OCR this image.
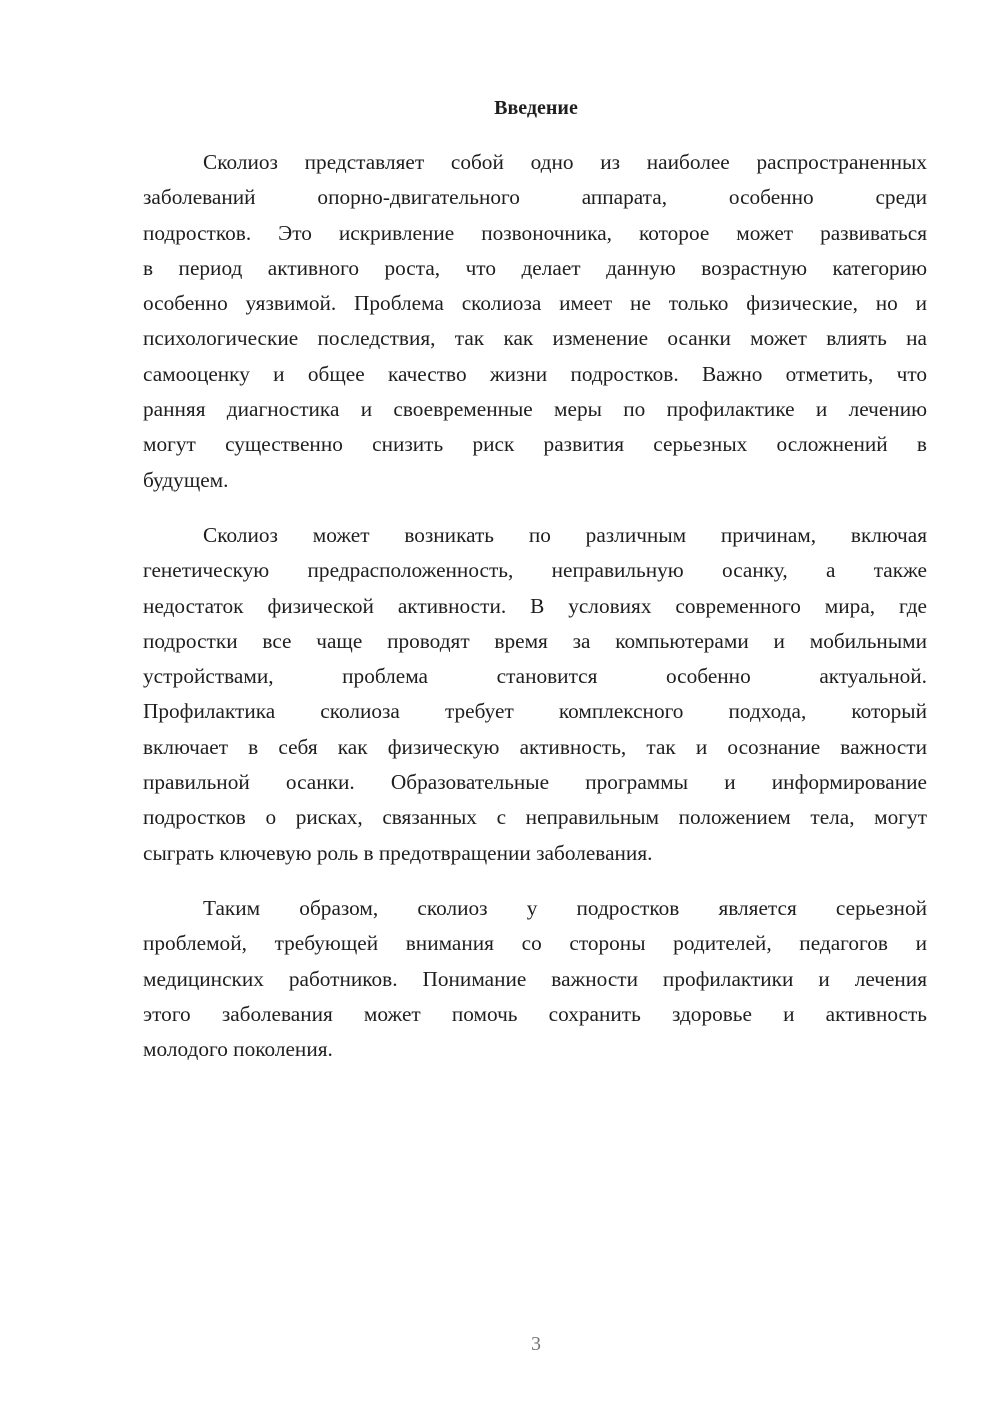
Введение
Сколиоз представляет собой одно из наиболее распространенных
заболеваний опорно-двигательного аппарата, особенно среди
подростков. Это искривление позвоночника, которое может развиваться
в период активного роста, что делает данную возрастную категорию
особенно уязвимой. Проблема сколиоза имеет не только физические, но и
психологические последствия, так как изменение осанки может влиять на
самооценку и общее качество жизни подростков. Важно отметить, что
ранняя диагностика и своевременные меры по профилактике и лечению
могут существенно снизить риск развития серьезных осложнений в
будущем.
Сколиоз может возникать по различным причинам, включая
генетическую предрасположенность, неправильную осанку, а также
недостаток физической активности. В условиях современного мира, где
подростки все чаще проводят время за компьютерами и мобильными
устройствами, проблема становится особенно актуальной.
Профилактика сколиоза требует комплексного подхода, который
включает в себя как физическую активность, так и осознание важности
правильной осанки. Образовательные программы и информирование
подростков о рисках, связанных с неправильным положением тела, могут
сыграть ключевую роль в предотвращении заболевания.
Таким образом, сколиоз у подростков является серьезной
проблемой, требующей внимания со стороны родителей, педагогов и
медицинских работников. Понимание важности профилактики и лечения
этого заболевания может помочь сохранить здоровье и активность
молодого поколения.
3
